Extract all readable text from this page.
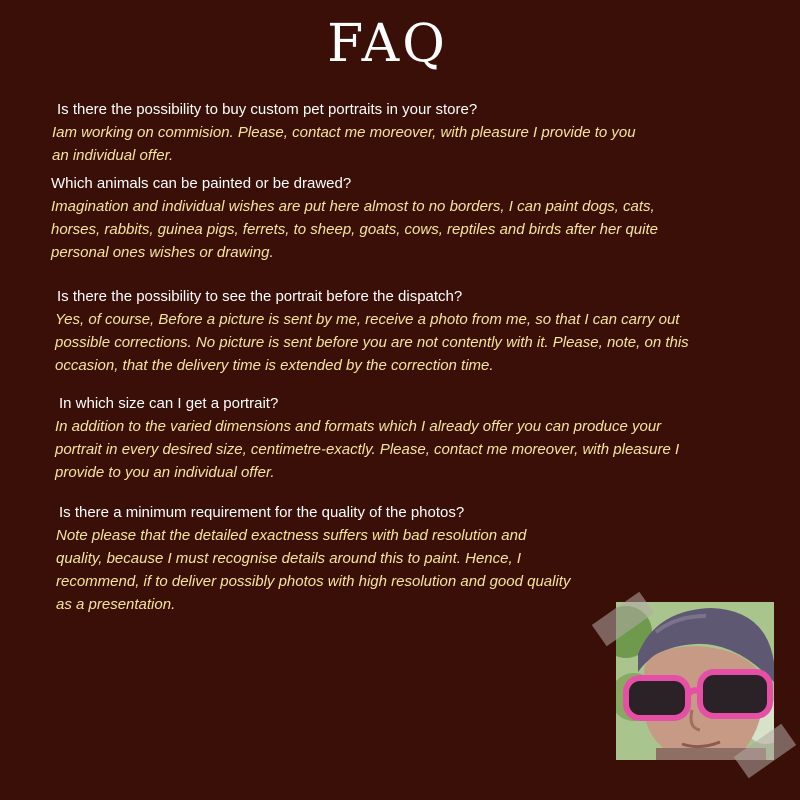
FAQ

Is there the possibility to buy custom pet portraits in your store?

Iam working on commision. Please, contact me moreover, with pleasure I provide to you

an individual offer.

Which animals can be painted or be drawed?

Imagination and individual wishes are put here almost to no borders, I can paint dogs, cats,

horses, rabbits, guinea pigs, ferrets, to sheep, goats, cows, reptiles and birds after her quite

personal ones wishes or drawing.

Is there the possibility to see the portrait before the dispatch?

Yes, of course, Before a picture is sent by me, receive a photo from me, so that I can carry out

possible corrections. No picture is sent before you are not contently with it. Please, note, on this

occasion, that the delivery time is extended by the correction time.

In which size can I get a portrait?

In addition to the varied dimensions and formats which I already offer you can produce your

portrait in every desired size, centimetre-exactly. Please, contact me moreover, with pleasure I

provide to you an individual offer.

Is there a minimum requirement for the quality of the photos?

Note please that the detailed exactness suffers with bad resolution and

quality, because I must recognise details around this to paint. Hence, I

recommend, if to deliver possibly photos with high resolution and good quality

as a presentation.
